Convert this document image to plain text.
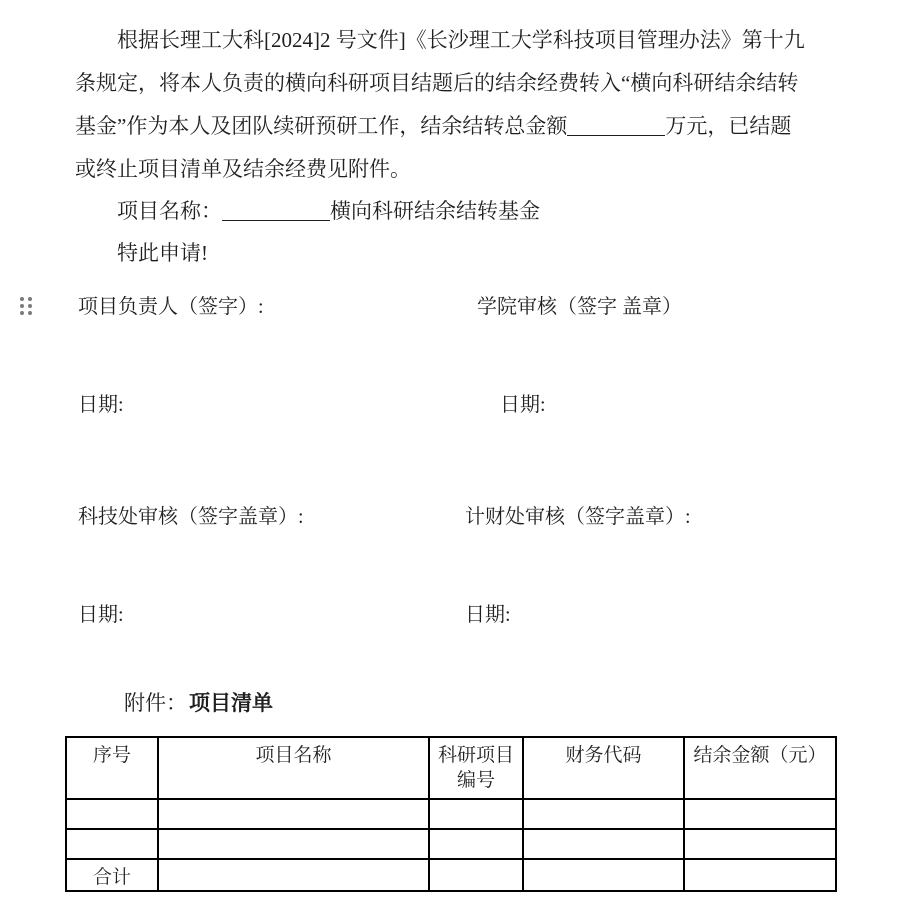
根据长理工大科[2024]2 号文件]《长沙理工大学科技项目管理办法》第十九
条规定，将本人负责的横向科研项目结题后的结余经费转入“横向科研结余结转
基金”作为本人及团队续研预研工作，结余结转总金额	万元，已结题
或终止项目清单及结余经费见附件。
项目名称：	横向科研结余结转基金
特此申请!
项目负责人（签字）:	学院审核（签字 盖章）
日期:	日期:
科技处审核（签字盖章）:	计财处审核（签字盖章）:
日期:	日期:
附件：项目清单
序号	项目名称	科研项目编号	财务代码	结余金额（元）

合计				
